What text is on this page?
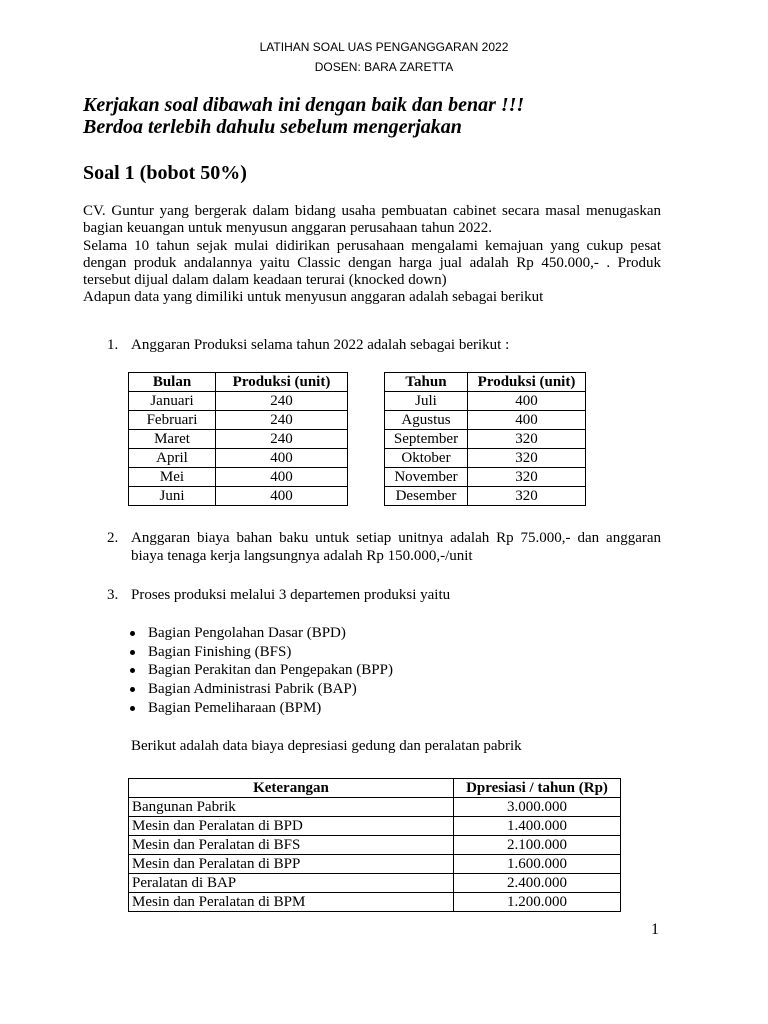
LATIHAN SOAL UAS PENGANGGARAN 2022
DOSEN: BARA ZARETTA
Kerjakan soal dibawah ini dengan baik dan benar !!!
Berdoa terlebih dahulu sebelum mengerjakan
Soal 1 (bobot 50%)
CV. Guntur yang bergerak dalam bidang usaha pembuatan cabinet secara masal menugaskan
bagian keuangan untuk menyusun anggaran perusahaan tahun 2022.
Selama 10 tahun sejak mulai didirikan perusahaan mengalami kemajuan yang cukup pesat
dengan produk andalannya yaitu Classic dengan harga jual adalah Rp 450.000,- . Produk
tersebut dijual dalam dalam keadaan terurai (knocked down)
Adapun data yang dimiliki untuk menyusun anggaran adalah sebagai berikut
1. Anggaran Produksi selama tahun 2022 adalah sebagai berikut :
Bulan	Produksi (unit)
Januari	240
Februari	240
Maret	240
April	400
Mei	400
Juni	400
Tahun	Produksi (unit)
Juli	400
Agustus	400
September	320
Oktober	320
November	320
Desember	320
2. Anggaran biaya bahan baku untuk setiap unitnya adalah Rp 75.000,- dan anggaran
biaya tenaga kerja langsungnya adalah Rp 150.000,-/unit
3. Proses produksi melalui 3 departemen produksi yaitu
Bagian Pengolahan Dasar (BPD)
Bagian Finishing (BFS)
Bagian Perakitan dan Pengepakan (BPP)
Bagian Administrasi Pabrik (BAP)
Bagian Pemeliharaan (BPM)
Berikut adalah data biaya depresiasi gedung dan peralatan pabrik
Keterangan	Dpresiasi / tahun (Rp)
Bangunan Pabrik	3.000.000
Mesin dan Peralatan di BPD	1.400.000
Mesin dan Peralatan di BFS	2.100.000
Mesin dan Peralatan di BPP	1.600.000
Peralatan di BAP	2.400.000
Mesin dan Peralatan di BPM	1.200.000
1
